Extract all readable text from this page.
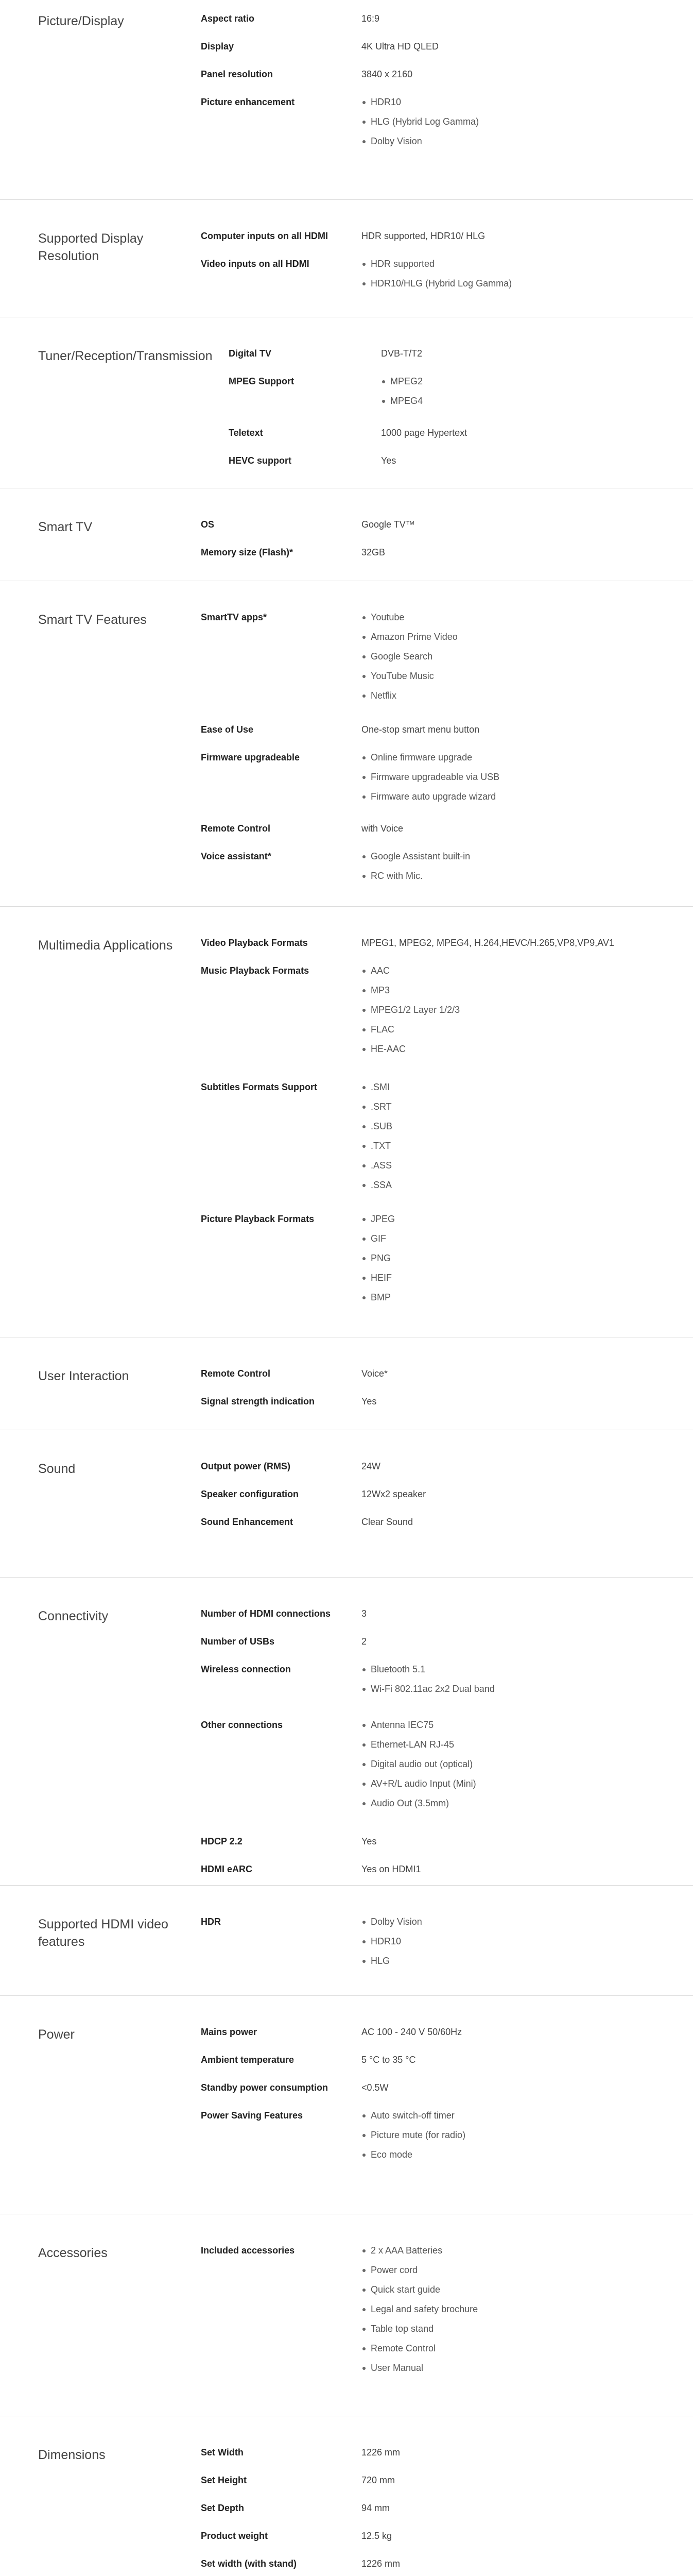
Picture/Display	Aspect ratio	16:9
Display	4K Ultra HD QLED
Panel resolution	3840 x 2160
Picture enhancement	HDR10
HLG (Hybrid Log Gamma)
Dolby Vision
Supported Display Resolution
Computer inputs on all HDMI	HDR supported, HDR10/ HLG
Video inputs on all HDMI	HDR supported
HDR10/HLG (Hybrid Log Gamma)
Tuner/Reception/Transmission	Digital TV	DVB-T/T2
MPEG Support	MPEG2
MPEG4
Teletext	1000 page Hypertext
HEVC support	Yes
Smart TV	OS	Google TV™
Memory size (Flash)*	32GB
Smart TV Features	SmartTV apps*	Youtube
Amazon Prime Video
Google Search
YouTube Music
Netflix
Ease of Use	One-stop smart menu button
Firmware upgradeable	Online firmware upgrade
Firmware upgradeable via USB
Firmware auto upgrade wizard
Remote Control	with Voice
Voice assistant*	Google Assistant built-in
RC with Mic.
Multimedia Applications	Video Playback Formats	MPEG1, MPEG2, MPEG4, H.264,HEVC/H.265,VP8,VP9,AV1
Music Playback Formats	AAC
MP3
MPEG1/2 Layer 1/2/3
FLAC
HE-AAC
Subtitles Formats Support	.SMI
.SRT
.SUB
.TXT
.ASS
.SSA
Picture Playback Formats	JPEG
GIF
PNG
HEIF
BMP
User Interaction	Remote Control	Voice*
Signal strength indication	Yes
Sound	Output power (RMS)	24W
Speaker configuration	12Wx2 speaker
Sound Enhancement	Clear Sound
Connectivity	Number of HDMI connections	3
Number of USBs	2
Wireless connection	Bluetooth 5.1
Wi-Fi 802.11ac 2x2 Dual band
Other connections	Antenna IEC75
Ethernet-LAN RJ-45
Digital audio out (optical)
AV+R/L audio Input (Mini)
Audio Out (3.5mm)
HDCP 2.2	Yes
HDMI eARC	Yes on HDMI1
Supported HDMI video features
HDR	Dolby Vision
HDR10
HLG
Power	Mains power	AC 100 - 240 V 50/60Hz
Ambient temperature	5 °C to 35 °C
Standby power consumption	<0.5W
Power Saving Features	Auto switch-off timer
Picture mute (for radio)
Eco mode
Accessories	Included accessories	2 x AAA Batteries
Power cord
Quick start guide
Legal and safety brochure
Table top stand
Remote Control
User Manual
Dimensions	Set Width	1226 mm
Set Height	720 mm
Set Depth	94 mm
Product weight	12.5 kg
Set width (with stand)	1226 mm
